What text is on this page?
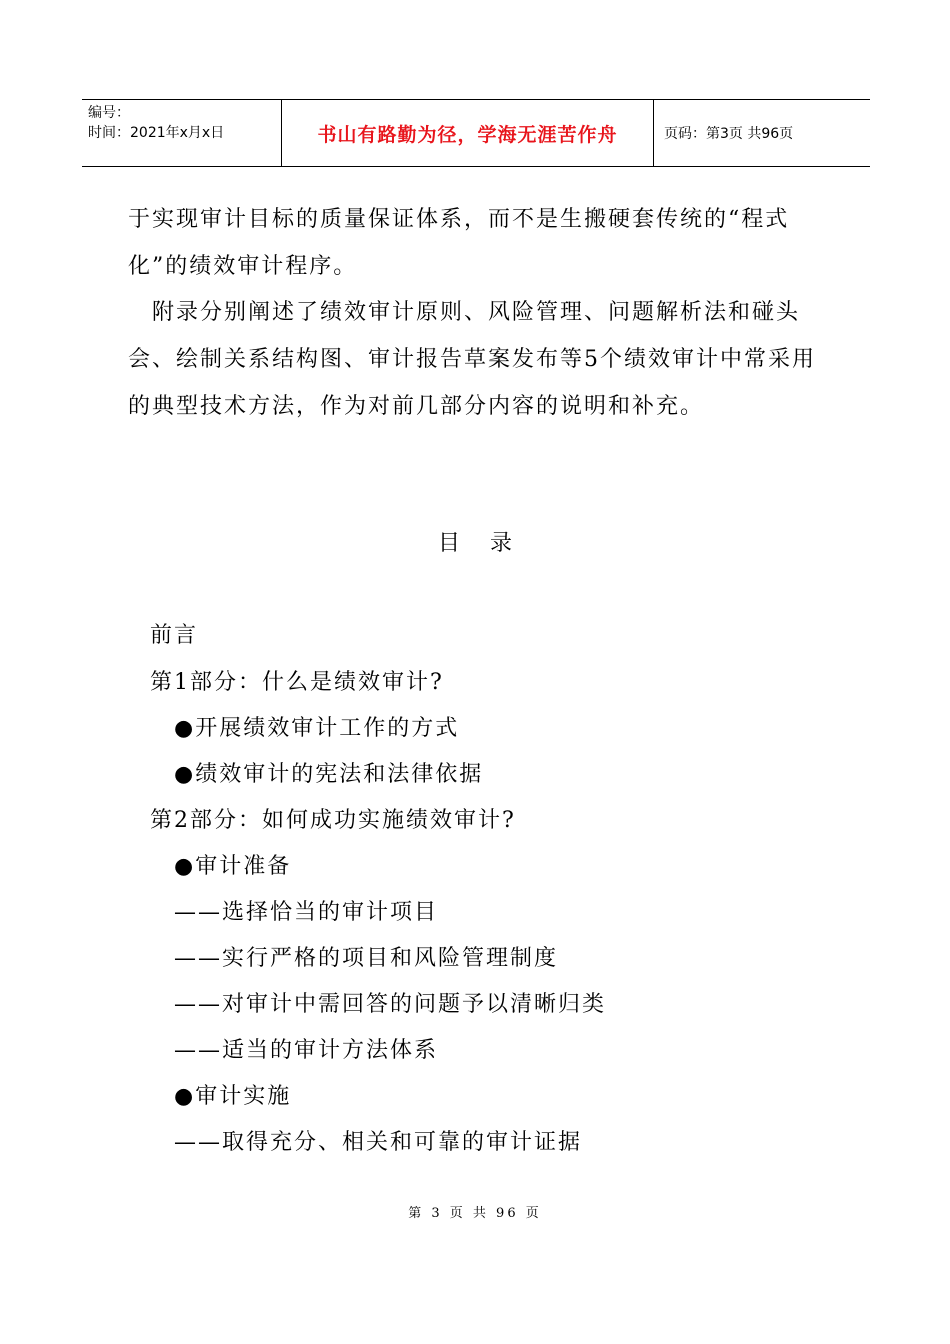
编号：
时间：2021年x月x日	书山有路勤为径，学海无涯苦作舟	页码：第3页 共96页

于实现审计目标的质量保证体系，而不是生搬硬套传统的“程式化”的绩效审计程序。

附录分别阐述了绩效审计原则、风险管理、问题解析法和碰头会、绘制关系结构图、审计报告草案发布等5个绩效审计中常采用的典型技术方法，作为对前几部分内容的说明和补充。

目录
前言
第1部分：什么是绩效审计?
●开展绩效审计工作的方式
●绩效审计的宪法和法律依据
第2部分：如何成功实施绩效审计?
●审计准备
——选择恰当的审计项目
——实行严格的项目和风险管理制度
——对审计中需回答的问题予以清晰归类
——适当的审计方法体系
●审计实施
——取得充分、相关和可靠的审计证据
第 3 页 共 96 页
